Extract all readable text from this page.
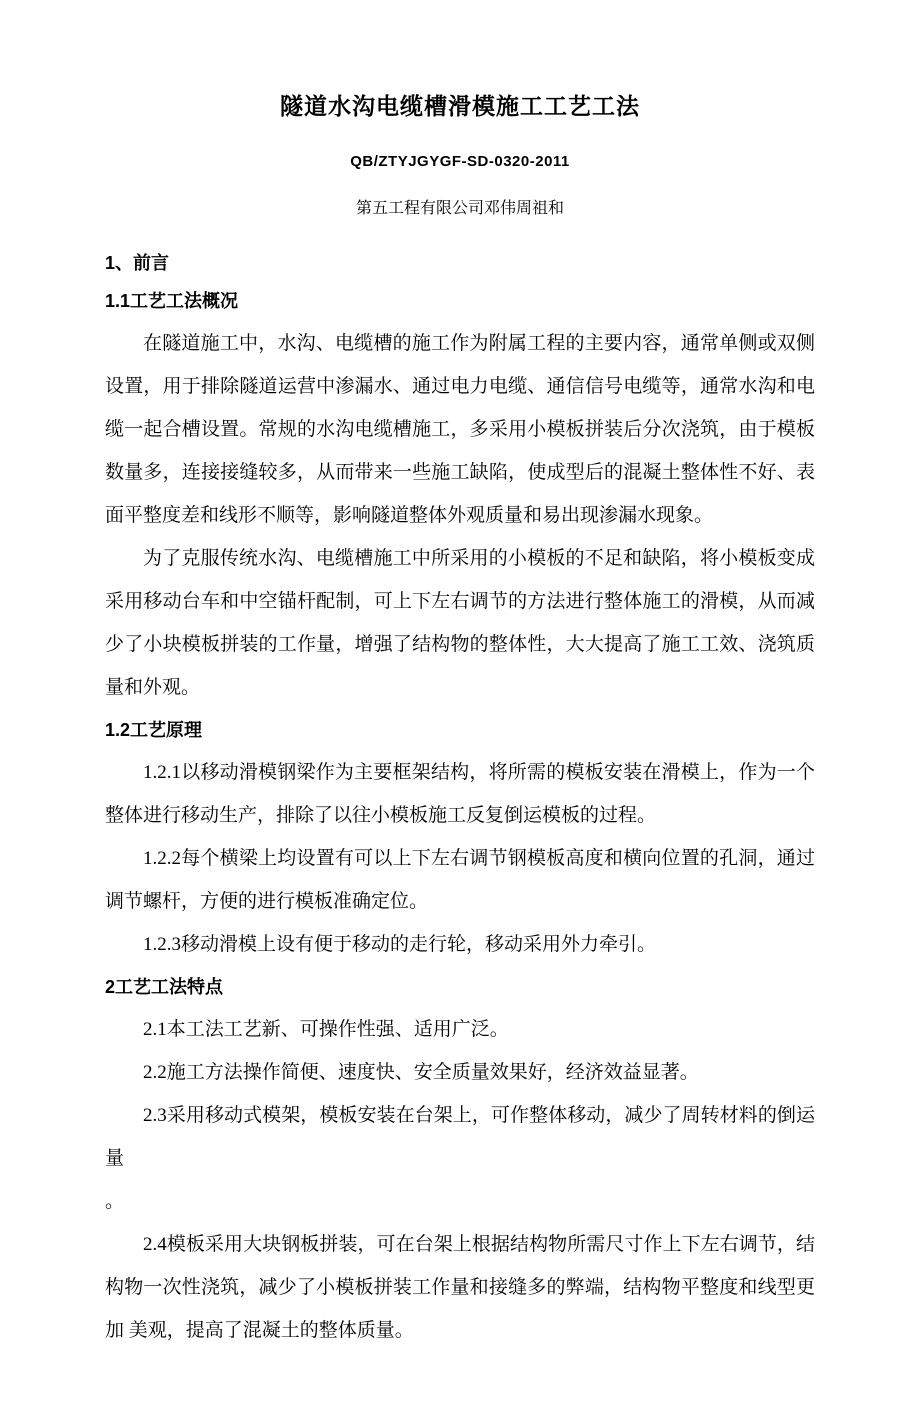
隧道水沟电缆槽滑模施工工艺工法
QB/ZTYJGYGF-SD-0320-2011
第五工程有限公司邓伟周祖和
1、前言
1.1工艺工法概况

在隧道施工中，水沟、电缆槽的施工作为附属工程的主要内容，通常单侧或双侧设置，用于排除隧道运营中渗漏水、通过电力电缆、通信信号电缆等，通常水沟和电缆一起合槽设置。常规的水沟电缆槽施工，多采用小模板拼装后分次浇筑，由于模板数量多，连接接缝较多，从而带来一些施工缺陷，使成型后的混凝土整体性不好、表面平整度差和线形不顺等，影响隧道整体外观质量和易出现渗漏水现象。

为了克服传统水沟、电缆槽施工中所采用的小模板的不足和缺陷，将小模板变成采用移动台车和中空锚杆配制，可上下左右调节的方法进行整体施工的滑模，从而减少了小块模板拼装的工作量，增强了结构物的整体性，大大提高了施工工效、浇筑质量和外观。

1.2工艺原理

1.2.1以移动滑模钢梁作为主要框架结构，将所需的模板安装在滑模上，作为一个整体进行移动生产，排除了以往小模板施工反复倒运模板的过程。

1.2.2每个横梁上均设置有可以上下左右调节钢模板高度和横向位置的孔洞，通过 调节螺杆，方便的进行模板准确定位。

1.2.3移动滑模上设有便于移动的走行轮，移动采用外力牵引。

2工艺工法特点

2.1本工法工艺新、可操作性强、适用广泛。

2.2施工方法操作简便、速度快、安全质量效果好，经济效益显著。

2.3采用移动式模架，模板安装在台架上，可作整体移动，减少了周转材料的倒运 量

。

2.4模板采用大块钢板拼装，可在台架上根据结构物所需尺寸作上下左右调节，结 构物一次性浇筑，减少了小模板拼装工作量和接缝多的弊端，结构物平整度和线型更加 美观，提高了混凝土的整体质量。
